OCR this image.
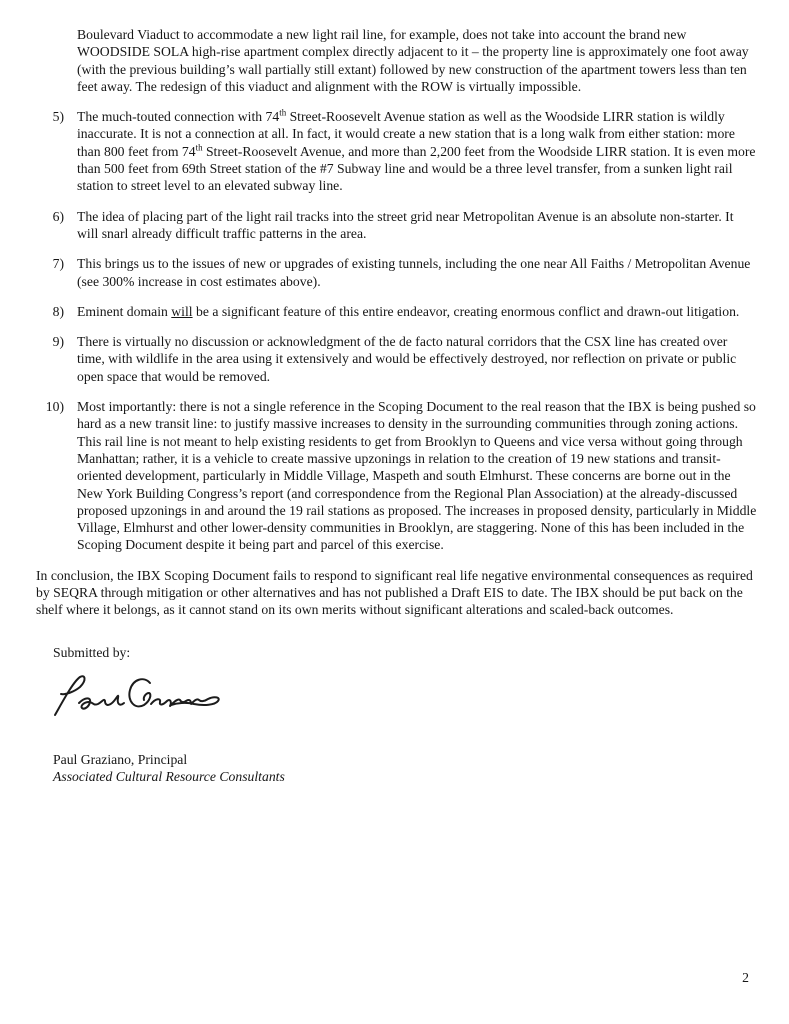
Boulevard Viaduct to accommodate a new light rail line, for example, does not take into account the brand new WOODSIDE SOLA high-rise apartment complex directly adjacent to it – the property line is approximately one foot away (with the previous building’s wall partially still extant) followed by new construction of the apartment towers less than ten feet away. The redesign of this viaduct and alignment with the ROW is virtually impossible.

5) The much-touted connection with 74th Street-Roosevelt Avenue station as well as the Woodside LIRR station is wildly inaccurate. It is not a connection at all. In fact, it would create a new station that is a long walk from either station: more than 800 feet from 74th Street-Roosevelt Avenue, and more than 2,200 feet from the Woodside LIRR station. It is even more than 500 feet from 69th Street station of the #7 Subway line and would be a three level transfer, from a sunken light rail station to street level to an elevated subway line.
6) The idea of placing part of the light rail tracks into the street grid near Metropolitan Avenue is an absolute non-starter. It will snarl already difficult traffic patterns in the area.
7) This brings us to the issues of new or upgrades of existing tunnels, including the one near All Faiths / Metropolitan Avenue (see 300% increase in cost estimates above).
8) Eminent domain will be a significant feature of this entire endeavor, creating enormous conflict and drawn-out litigation.
9) There is virtually no discussion or acknowledgment of the de facto natural corridors that the CSX line has created over time, with wildlife in the area using it extensively and would be effectively destroyed, nor reflection on private or public open space that would be removed.
10) Most importantly: there is not a single reference in the Scoping Document to the real reason that the IBX is being pushed so hard as a new transit line: to justify massive increases to density in the surrounding communities through zoning actions. This rail line is not meant to help existing residents to get from Brooklyn to Queens and vice versa without going through Manhattan; rather, it is a vehicle to create massive upzonings in relation to the creation of 19 new stations and transit-oriented development, particularly in Middle Village, Maspeth and south Elmhurst. These concerns are borne out in the New York Building Congress’s report (and correspondence from the Regional Plan Association) at the already-discussed proposed upzonings in and around the 19 rail stations as proposed. The increases in proposed density, particularly in Middle Village, Elmhurst and other lower-density communities in Brooklyn, are staggering. None of this has been included in the Scoping Document despite it being part and parcel of this exercise.

In conclusion, the IBX Scoping Document fails to respond to significant real life negative environmental consequences as required by SEQRA through mitigation or other alternatives and has not published a Draft EIS to date. The IBX should be put back on the shelf where it belongs, as it cannot stand on its own merits without significant alterations and scaled-back outcomes.

Submitted by:
Paul Graziano, Principal
Associated Cultural Resource Consultants
2
